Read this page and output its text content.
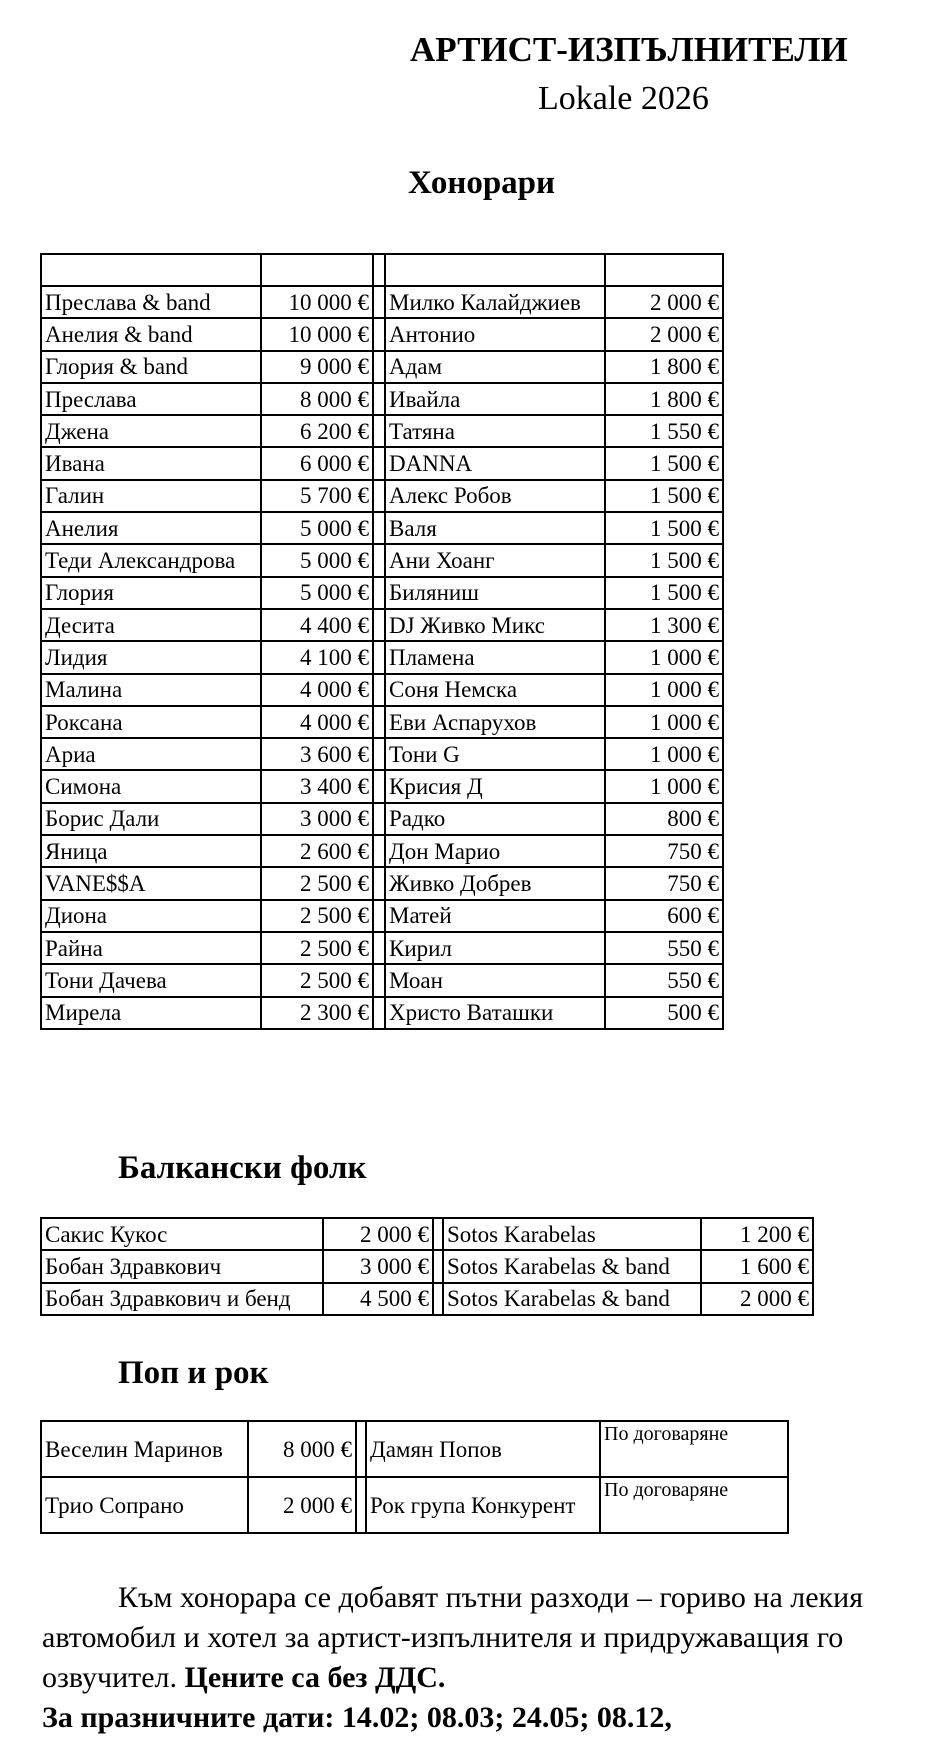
АРТИСТ-ИЗПЪЛНИТЕЛИ
Lokale 2026
Хонорари

Преслава & band	10 000 €		Милко Калайджиев	2 000 €
Анелия & band	10 000 €		Антонио	2 000 €
Глория & band	9 000 €		Адам	1 800 €
Преслава	8 000 €		Ивайла	1 800 €
Джена	6 200 €		Татяна	1 550 €
Ивана	6 000 €		DANNA	1 500 €
Галин	5 700 €		Алекс Робов	1 500 €
Анелия	5 000 €		Валя	1 500 €
Теди Александрова	5 000 €		Ани Хоанг	1 500 €
Глория	5 000 €		Биляниш	1 500 €
Десита	4 400 €		DJ Живко Микс	1 300 €
Лидия	4 100 €		Пламена	1 000 €
Малина	4 000 €		Соня Немска	1 000 €
Роксана	4 000 €		Еви Аспарухов	1 000 €
Ариа	3 600 €		Тони G	1 000 €
Симона	3 400 €		Крисия Д	1 000 €
Борис Дали	3 000 €		Радко	800 €
Яница	2 600 €		Дон Марио	750 €
VANE$$A	2 500 €		Живко Добрев	750 €
Диона	2 500 €		Матей	600 €
Райна	2 500 €		Кирил	550 €
Тони Дачева	2 500 €		Моан	550 €
Мирела	2 300 €		Христо Ваташки	500 €
Балкански фолк
Сакис Кукос	2 000 €		Sotos Karabelas	1 200 €
Бобан Здравкович	3 000 €		Sotos Karabelas & band	1 600 €
Бобан Здравкович и бенд	4 500 €		Sotos Karabelas & band	2 000 €
Поп и рок
Веселин Маринов	8 000 €		Дамян Попов	По договаряне
Трио Сопрано	2 000 €		Рок група Конкурент	По договаряне
Към хонорара се добавят пътни разходи – гориво на лекия автомобил и хотел за артист-изпълнителя и придружаващия го озвучител. Цените са без ДДС.
За празничните дати: 14.02; 08.03; 24.05; 08.12,
